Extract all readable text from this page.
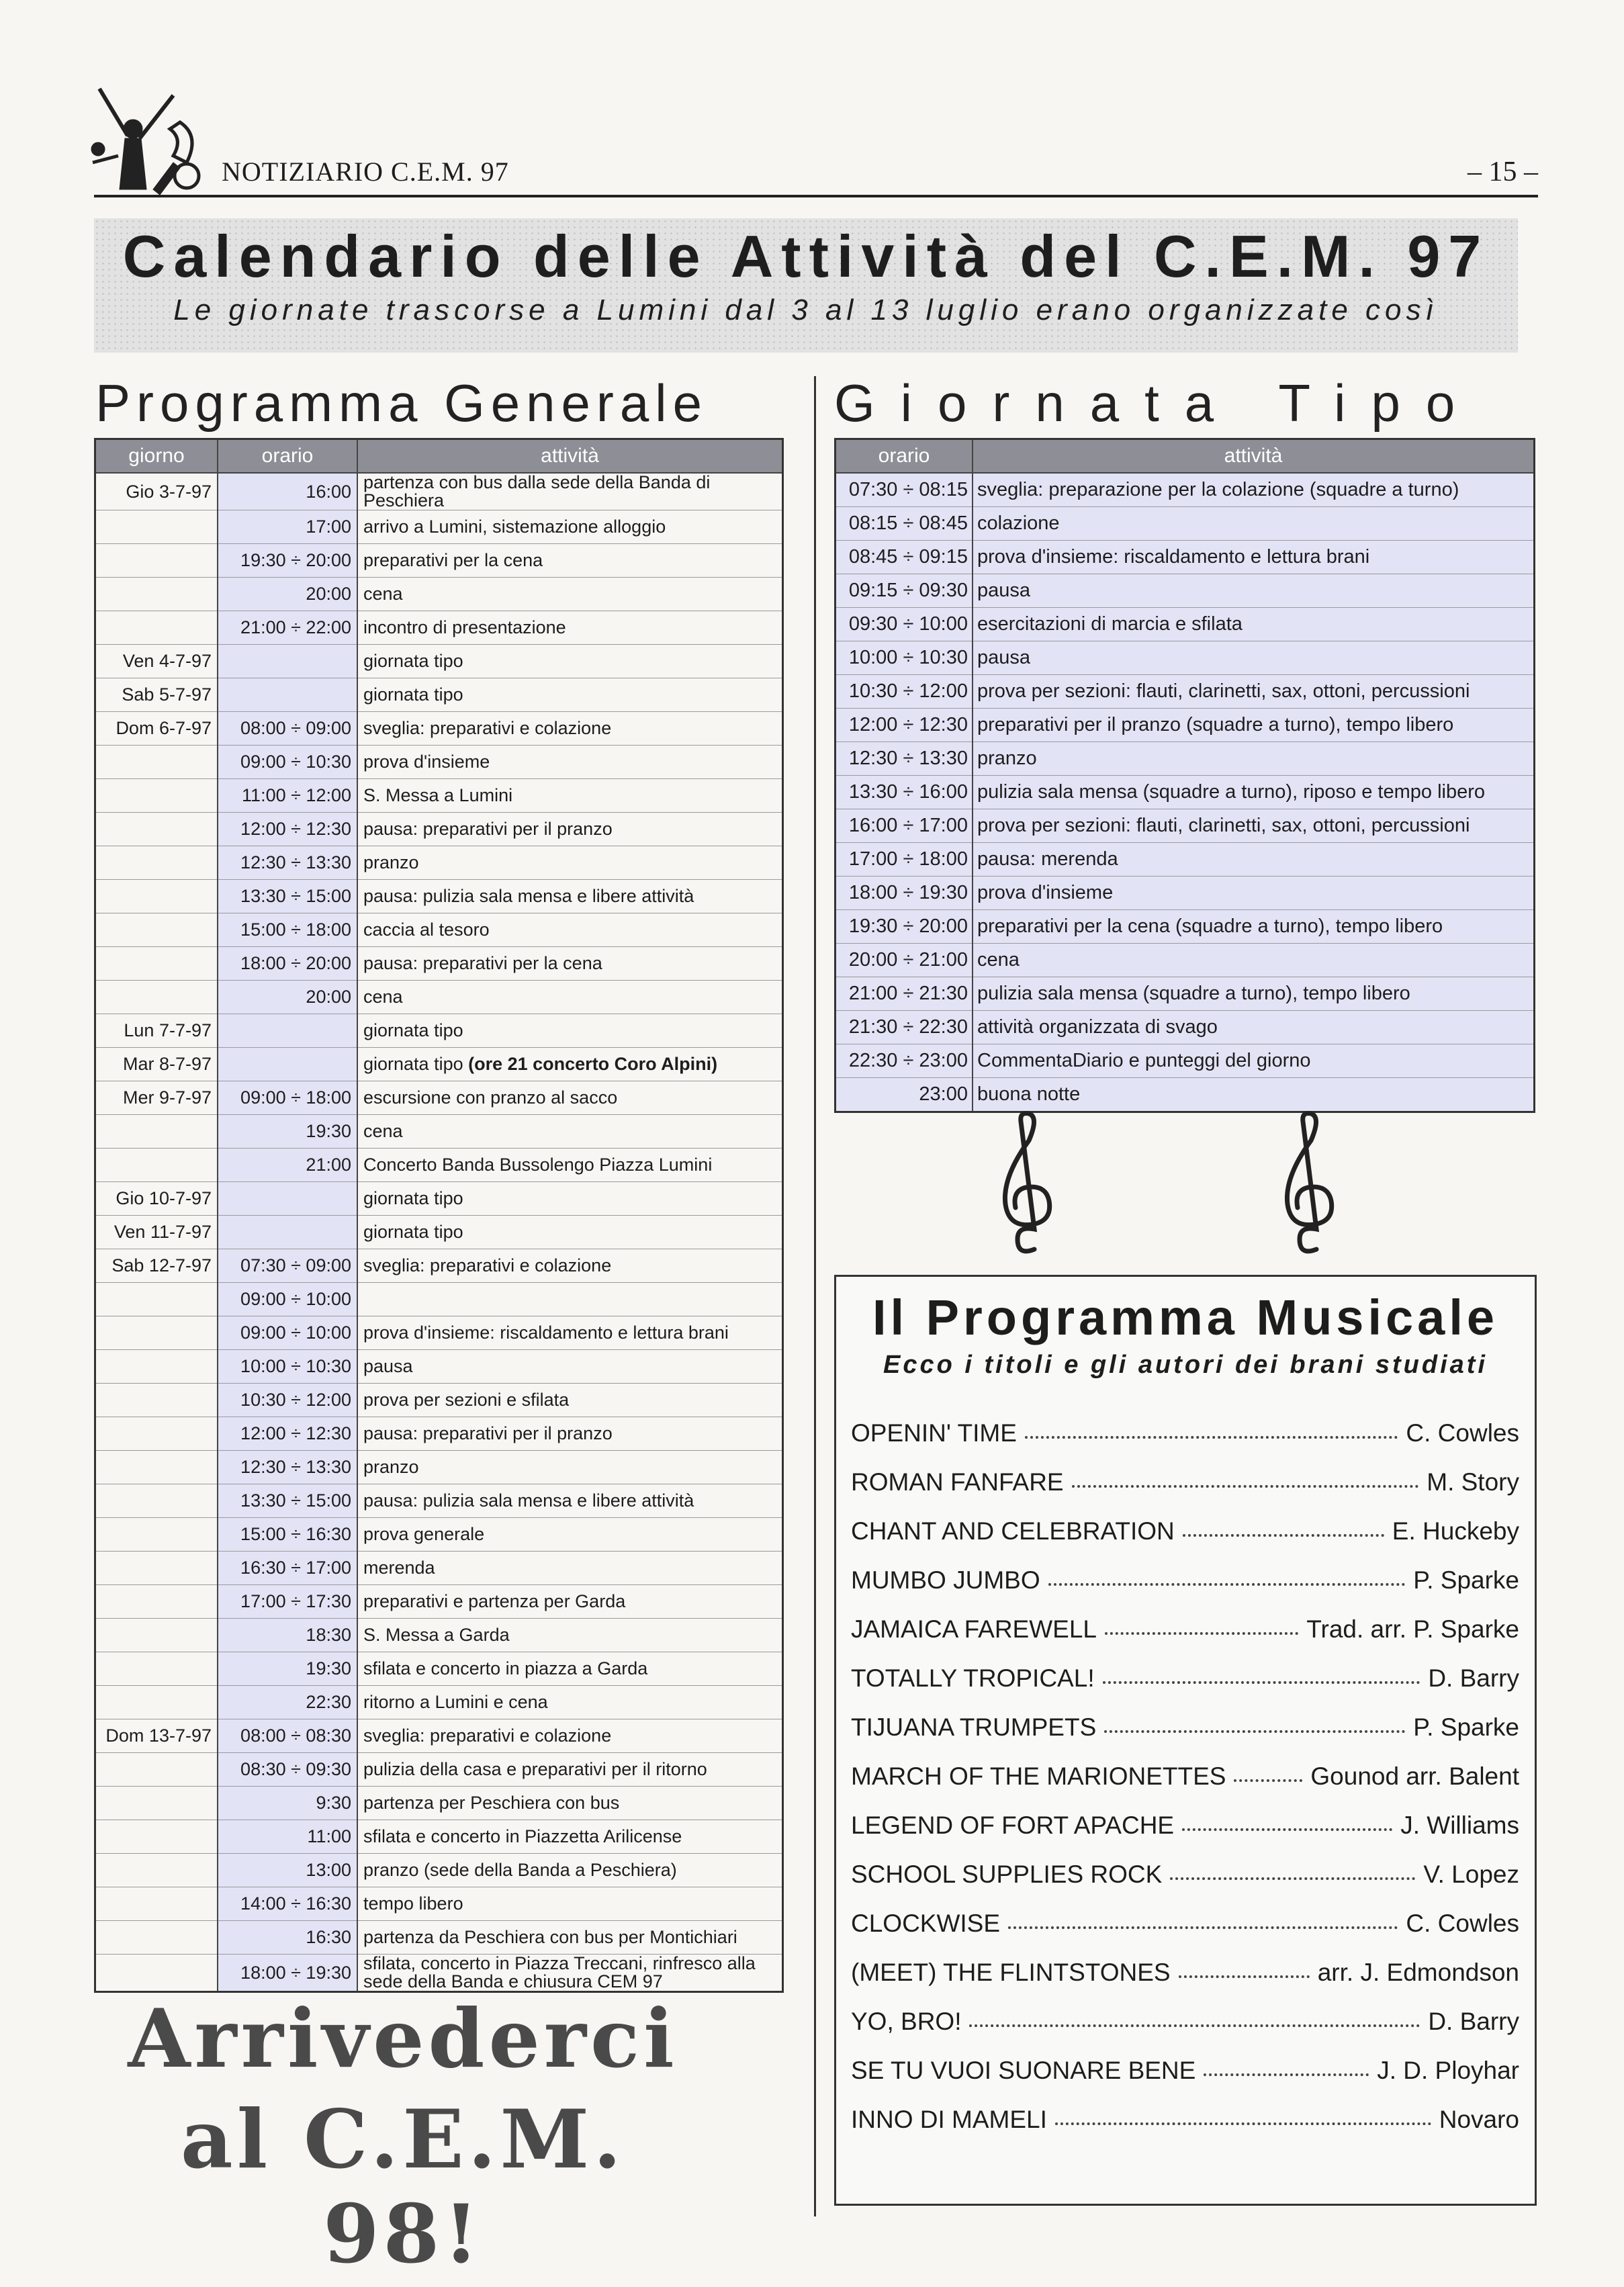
NOTIZIARIO C.E.M. 97	– 15 –
Calendario delle Attività del C.E.M. 97
Le giornate trascorse a Lumini dal 3 al 13 luglio erano organizzate così
Programma Generale Giornata Tipo
giorno	orario	attività
Gio 3-7-97	16:00	partenza con bus dalla sede della Banda di Peschiera
	17:00	arrivo a Lumini, sistemazione alloggio
	19:30 ÷ 20:00	preparativi per la cena
	20:00	cena
	21:00 ÷ 22:00	incontro di presentazione
Ven 4-7-97		giornata tipo
Sab 5-7-97		giornata tipo
Dom 6-7-97	08:00 ÷ 09:00	sveglia: preparativi e colazione
	09:00 ÷ 10:30	prova d'insieme
	11:00 ÷ 12:00	S. Messa a Lumini
	12:00 ÷ 12:30	pausa: preparativi per il pranzo
	12:30 ÷ 13:30	pranzo
	13:30 ÷ 15:00	pausa: pulizia sala mensa e libere attività
	15:00 ÷ 18:00	caccia al tesoro
	18:00 ÷ 20:00	pausa: preparativi per la cena
	20:00	cena
Lun 7-7-97		giornata tipo
Mar 8-7-97		giornata tipo (ore 21 concerto Coro Alpini)
Mer 9-7-97	09:00 ÷ 18:00	escursione con pranzo al sacco
	19:30	cena
	21:00	Concerto Banda Bussolengo Piazza Lumini
Gio 10-7-97		giornata tipo
Ven 11-7-97		giornata tipo
Sab 12-7-97	07:30 ÷ 09:00	sveglia: preparativi e colazione
	09:00 ÷ 10:00	
	09:00 ÷ 10:00	prova d'insieme: riscaldamento e lettura brani
	10:00 ÷ 10:30	pausa
	10:30 ÷ 12:00	prova per sezioni e sfilata
	12:00 ÷ 12:30	pausa: preparativi per il pranzo
	12:30 ÷ 13:30	pranzo
	13:30 ÷ 15:00	pausa: pulizia sala mensa e libere attività
	15:00 ÷ 16:30	prova generale
	16:30 ÷ 17:00	merenda
	17:00 ÷ 17:30	preparativi e partenza per Garda
	18:30	S. Messa a Garda
	19:30	sfilata e concerto in piazza a Garda
	22:30	ritorno a Lumini e cena
Dom 13-7-97	08:00 ÷ 08:30	sveglia: preparativi e colazione
	08:30 ÷ 09:30	pulizia della casa e preparativi per il ritorno
	9:30	partenza per Peschiera con bus
	11:00	sfilata e concerto in Piazzetta Arilicense
	13:00	pranzo (sede della Banda a Peschiera)
	14:00 ÷ 16:30	tempo libero
	16:30	partenza da Peschiera con bus per Montichiari
	18:00 ÷ 19:30	sfilata, concerto in Piazza Treccani, rinfresco alla sede della Banda e chiusura CEM 97
orario	attività
07:30 ÷ 08:15	sveglia: preparazione per la colazione (squadre a turno)
08:15 ÷ 08:45	colazione
08:45 ÷ 09:15	prova d'insieme: riscaldamento e lettura brani
09:15 ÷ 09:30	pausa
09:30 ÷ 10:00	esercitazioni di marcia e sfilata
10:00 ÷ 10:30	pausa
10:30 ÷ 12:00	prova per sezioni: flauti, clarinetti, sax, ottoni, percussioni
12:00 ÷ 12:30	preparativi per il pranzo (squadre a turno), tempo libero
12:30 ÷ 13:30	pranzo
13:30 ÷ 16:00	pulizia sala mensa (squadre a turno), riposo e tempo libero
16:00 ÷ 17:00	prova per sezioni: flauti, clarinetti, sax, ottoni, percussioni
17:00 ÷ 18:00	pausa: merenda
18:00 ÷ 19:30	prova d'insieme
19:30 ÷ 20:00	preparativi per la cena (squadre a turno), tempo libero
20:00 ÷ 21:00	cena
21:00 ÷ 21:30	pulizia sala mensa (squadre a turno), tempo libero
21:30 ÷ 22:30	attività organizzata di svago
22:30 ÷ 23:00	CommentaDiario e punteggi del giorno
23:00	buona notte
Il Programma Musicale
Ecco i titoli e gli autori dei brani studiati
OPENIN' TIME	C. Cowles
ROMAN FANFARE	M. Story
CHANT AND CELEBRATION	E. Huckeby
MUMBO JUMBO	P. Sparke
JAMAICA FAREWELL	Trad. arr. P. Sparke
TOTALLY TROPICAL!	D. Barry
TIJUANA TRUMPETS	P. Sparke
MARCH OF THE MARIONETTES	Gounod arr. Balent
LEGEND OF FORT APACHE	J. Williams
SCHOOL SUPPLIES ROCK	V. Lopez
CLOCKWISE	C. Cowles
(MEET) THE FLINTSTONES	arr. J. Edmondson
YO, BRO!	D. Barry
SE TU VUOI SUONARE BENE	J. D. Ployhar
INNO DI MAMELI	Novaro
Arrivederci
al C.E.M. 98!
